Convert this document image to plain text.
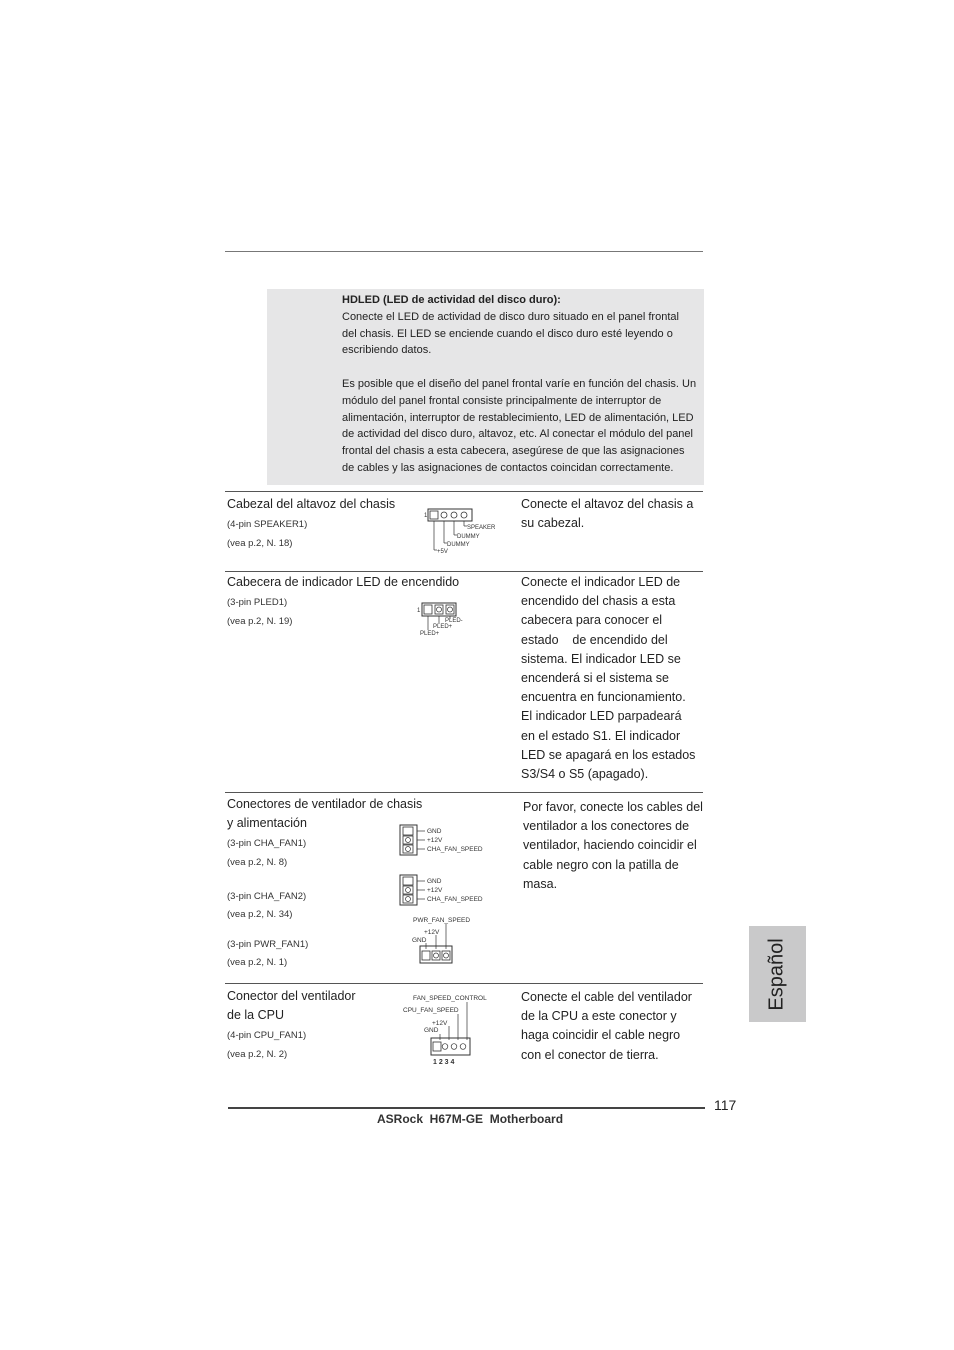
HDLED (LED de actividad del disco duro):
Conecte el LED de actividad de disco duro situado en el panel frontal
del chasis. El LED se enciende cuando el disco duro esté leyendo o
escribiendo datos.
Es posible que el diseño del panel frontal varíe en función del chasis. Un
módulo del panel frontal consiste principalmente de interruptor de
alimentación, interruptor de restablecimiento, LED de alimentación, LED
de actividad del disco duro, altavoz, etc. Al conectar el módulo del panel
frontal del chasis a esta cabecera, asegúrese de que las asignaciones
de cables y las asignaciones de contactos coincidan correctamente.
Cabezal del altavoz del chasis
(4-pin SPEAKER1)
(vea p.2, N. 18)
1
SPEAKER
DUMMY
DUMMY
+5V
Conecte el altavoz del chasis a
su cabezal.
Cabecera de indicador LED de encendido
(3-pin PLED1)
(vea p.2, N. 19)
1
PLED-
PLED+
PLED+
Conecte el indicador LED de
encendido del chasis a esta
cabecera para conocer el
estado    de encendido del
sistema. El indicador LED se
encenderá si el sistema se
encuentra en funcionamiento.
El indicador LED parpadeará
en el estado S1. El indicador
LED se apagará en los estados
S3/S4 o S5 (apagado).
Conectores de ventilador de chasis
y alimentación
(3-pin CHA_FAN1)
(vea p.2, N. 8)
(3-pin CHA_FAN2)
(vea p.2, N. 34)
(3-pin PWR_FAN1)
(vea p.2, N. 1)
GND
+12V
CHA_FAN_SPEED
GND
+12V
CHA_FAN_SPEED
PWR_FAN_SPEED
+12V
GND
Por favor, conecte los cables del
ventilador a los conectores de
ventilador, haciendo coincidir el
cable negro con la patilla de
masa.
Conector del ventilador
de la CPU
(4-pin CPU_FAN1)
(vea p.2, N. 2)
FAN_SPEED_CONTROL
CPU_FAN_SPEED
+12V
GND
1 2 3 4
Conecte el cable del ventilador
de la CPU a este conector y
haga coincidir el cable negro
con el conector de tierra.
Español
117
ASRock  H67M-GE  Motherboard
